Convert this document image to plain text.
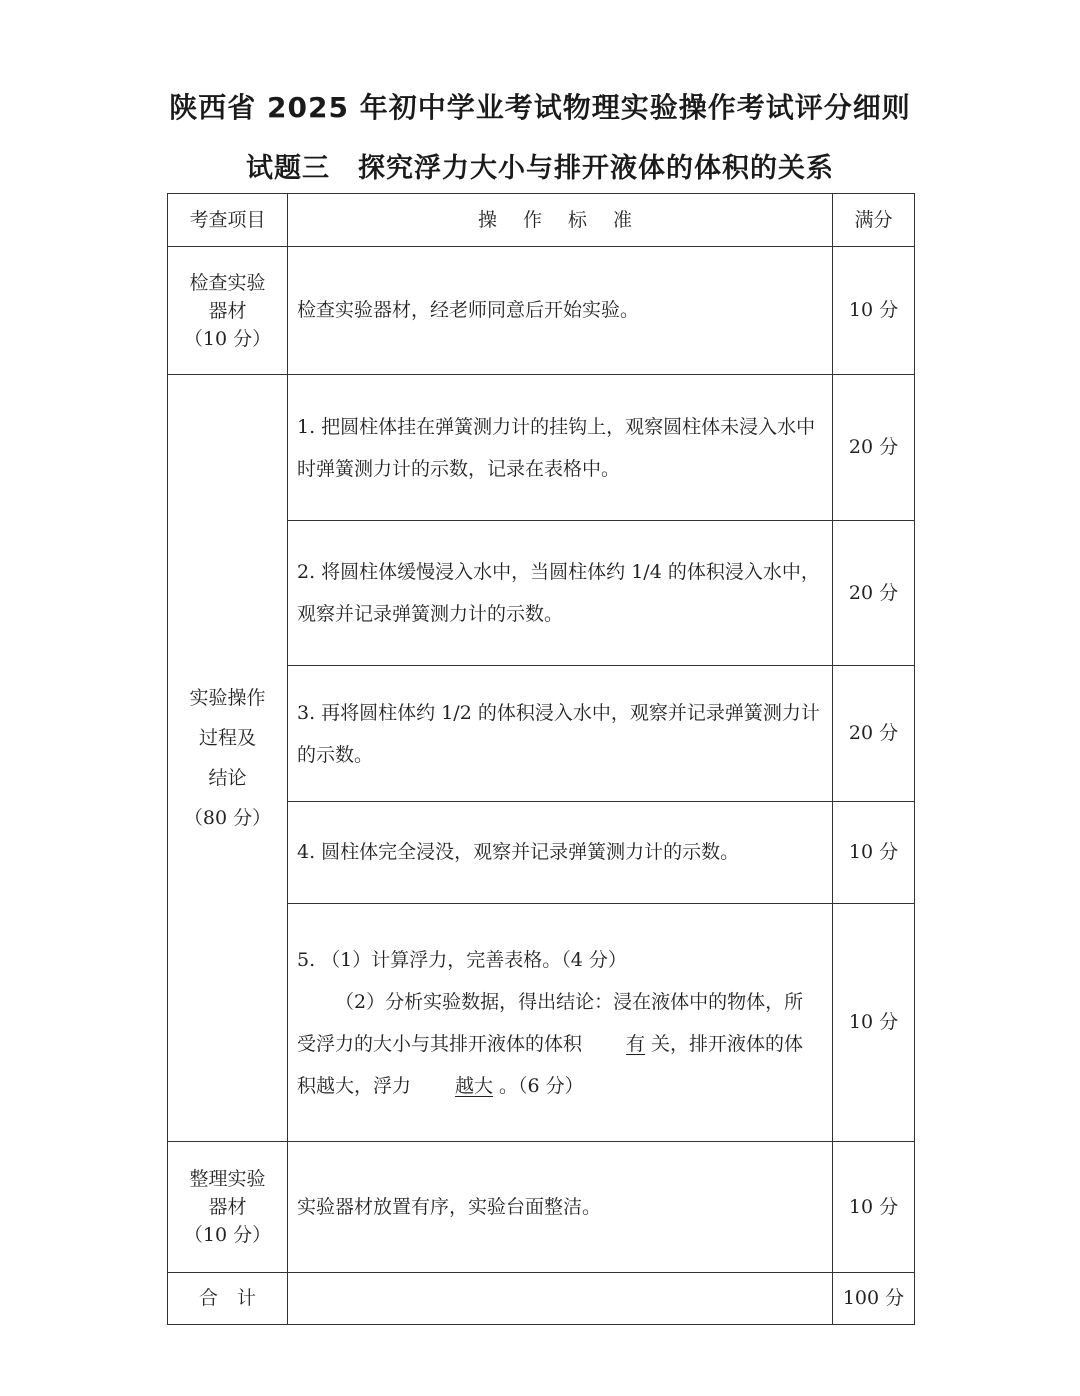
陕西省 2025 年初中学业考试物理实验操作考试评分细则
试题三　探究浮力大小与排开液体的体积的关系
考查项目	操 作 标 准	满分

检查实验
器材
（10 分）	检查实验器材，经老师同意后开始实验。	10 分

实验操作
过程及
结论
（80 分）	1. 把圆柱体挂在弹簧测力计的挂钩上，观察圆柱体未浸入水中时弹簧测力计的示数，记录在表格中。	20 分

	2. 将圆柱体缓慢浸入水中，当圆柱体约 1/4 的体积浸入水中，观察并记录弹簧测力计的示数。	20 分

	3. 再将圆柱体约 1/2 的体积浸入水中，观察并记录弹簧测力计的示数。	20 分

	4. 圆柱体完全浸没，观察并记录弹簧测力计的示数。	10 分

	5. （1）计算浮力，完善表格。（4 分）
（2）分析实验数据，得出结论：浸在液体中的物体，所受浮力的大小与其排开液体的体积 有 关，排开液体的体积越大，浮力 越大 。（6 分）	10 分

整理实验
器材
（10 分）	实验器材放置有序，实验台面整洁。	10 分
合　计		100 分
